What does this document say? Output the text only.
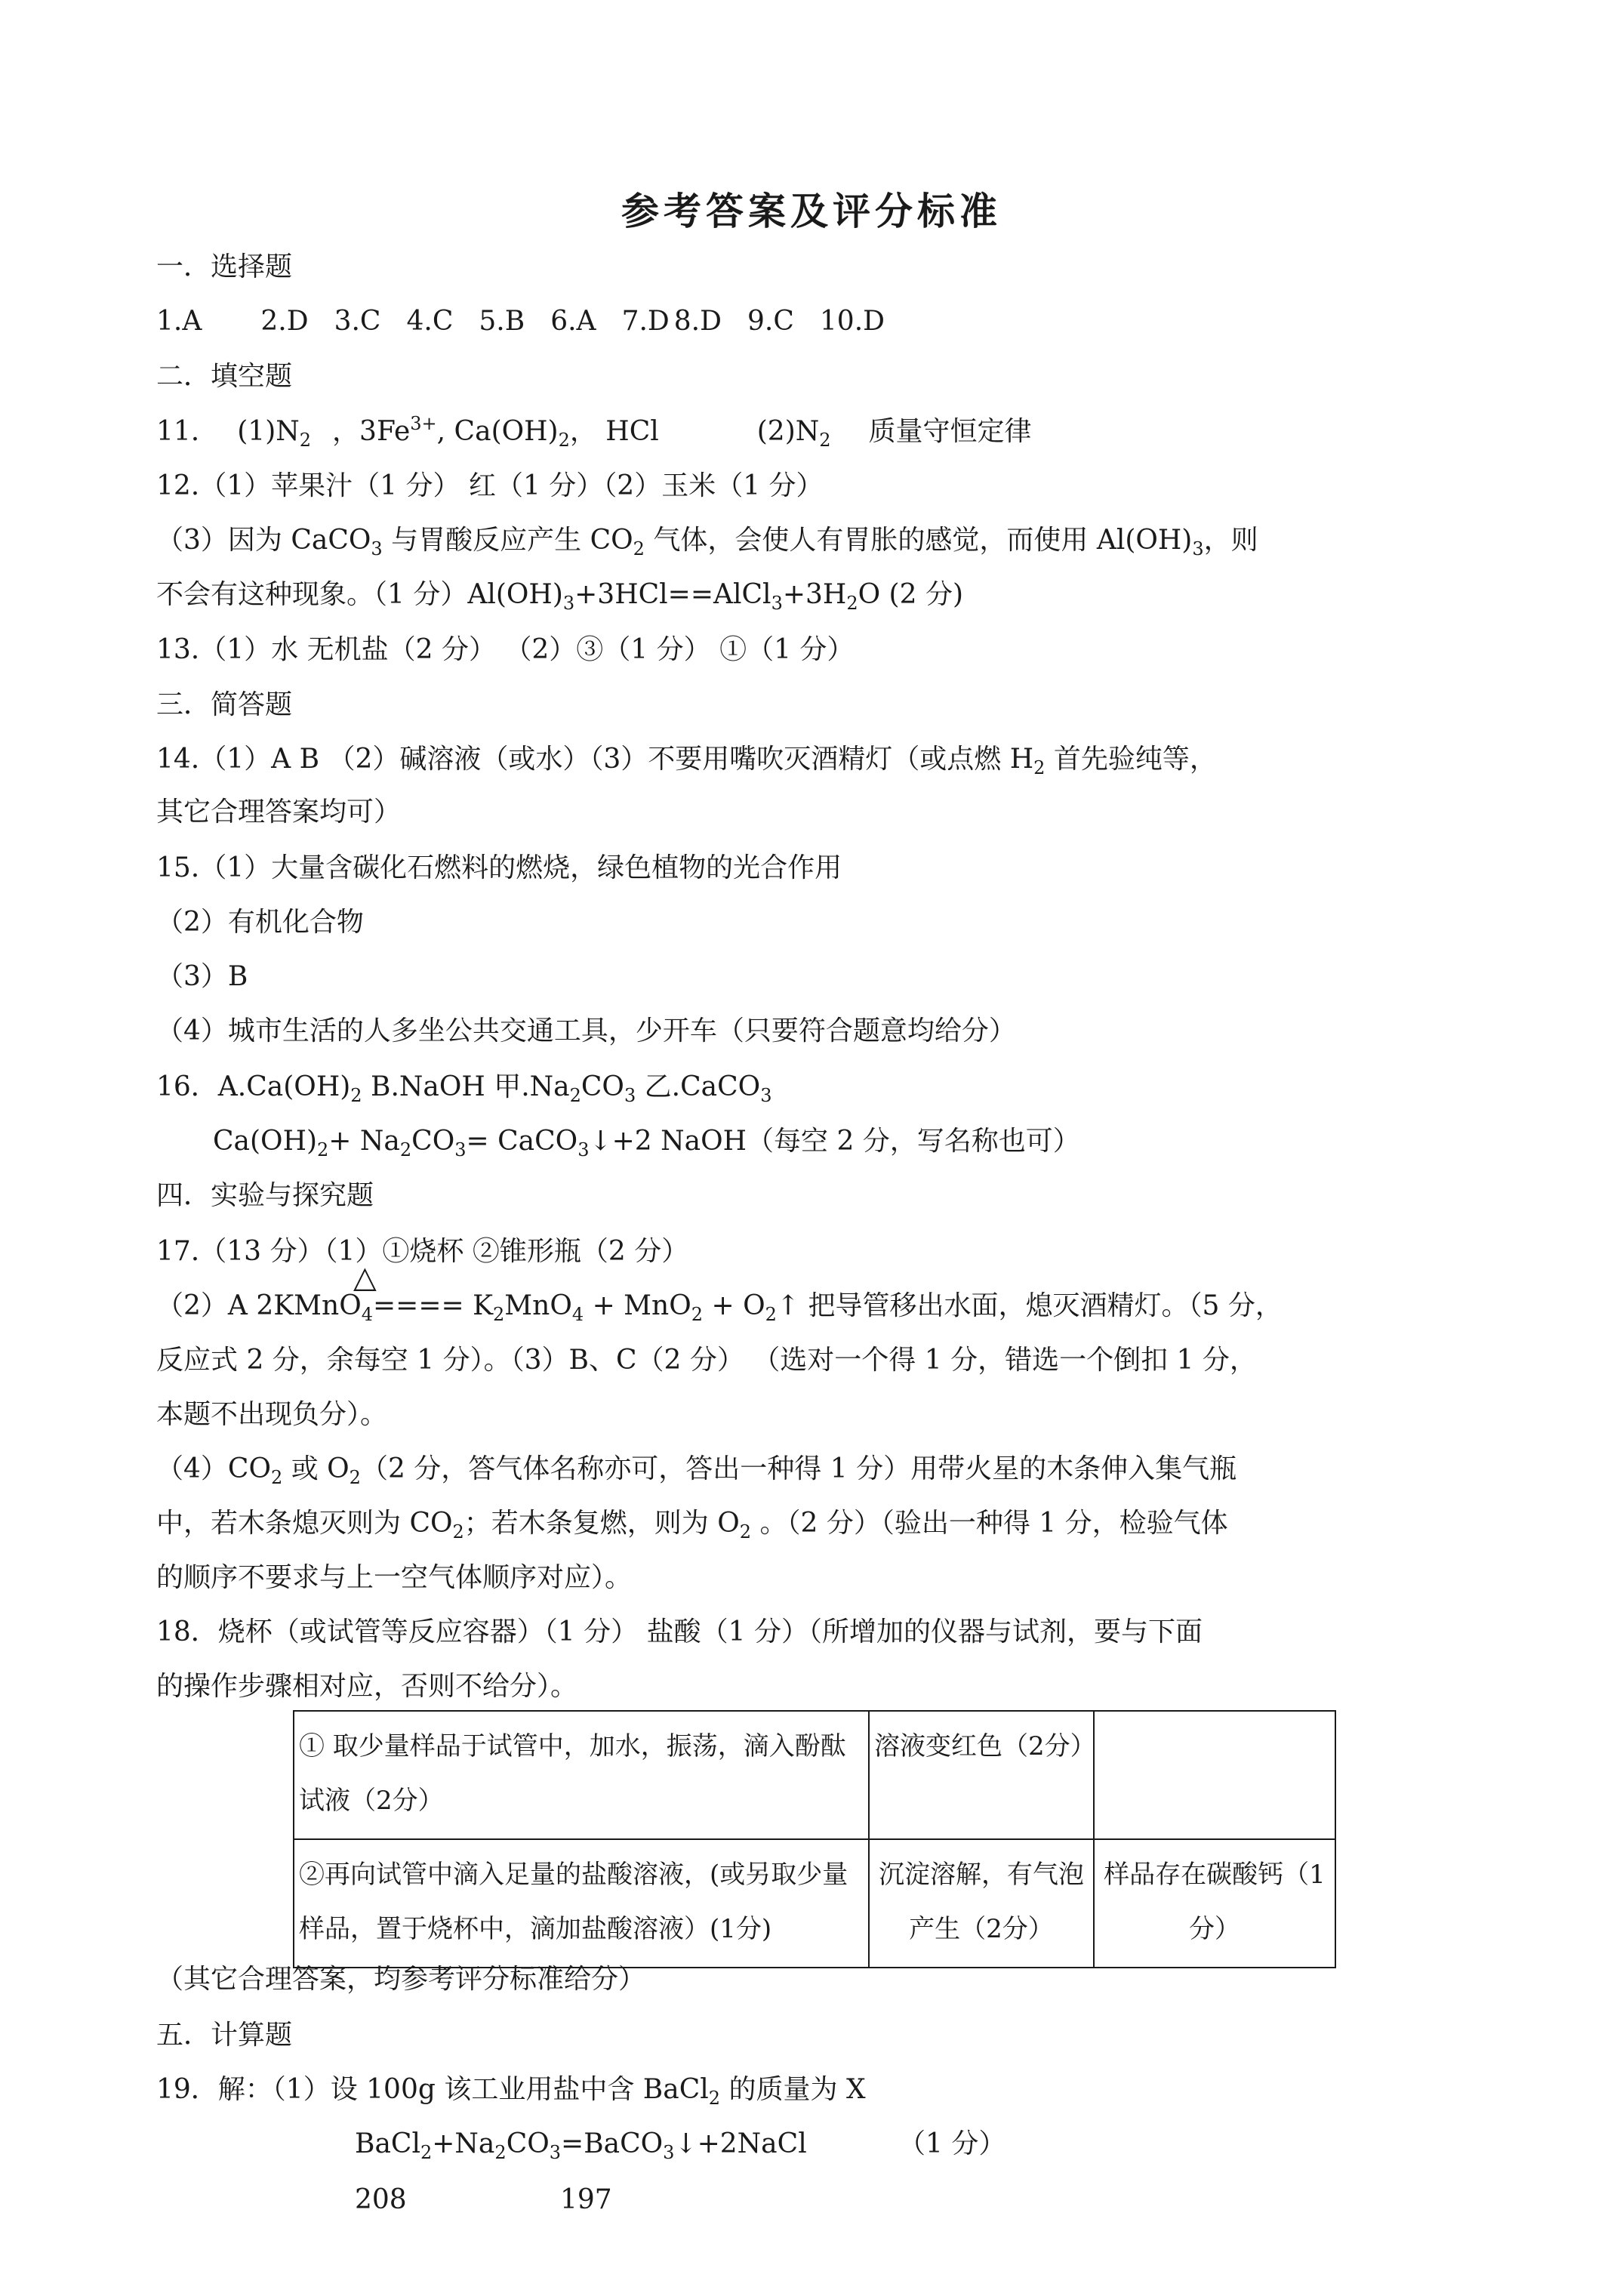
参考答案及评分标准
一．选择题
1.A 2.D 3.C 4.C 5.B 6.A 7.D 8.D 9.C 10.D
二．填空题
11. $(1)N_2$ ，$3Fe^{3+}$, $Ca(OH)_2$， HCl	$(2)N_2$ 质量守恒定律
12.（1）苹果汁（1 分） 红（1 分）（2）玉米（1 分）
（3）因为 CaCO$_3$ 与胃酸反应产生 $CO_2$ 气体，会使人有胃胀的感觉，而使用 $Al(OH)_3$，则
不会有这种现象。（1 分）$Al(OH)_3+3HCl==AlCl_3+3H_2O$ (2 分)
13.（1）水 无机盐（2 分） （2）③（1 分） ①（1 分）
三．简答题
14.（1）A B （2）碱溶液（或水）（3）不要用嘴吹灭酒精灯（或点燃 $H_2$ 首先验纯等，
其它合理答案均可）
15.（1）大量含碳化石燃料的燃烧，绿色植物的光合作用
（2）有机化合物
（3）B
（4）城市生活的人多坐公共交通工具，少开车（只要符合题意均给分）
16．$A.Ca(OH)_2$ B.NaOH 甲$.Na_2CO_3$ 乙.CaCO$_3$
$Ca(OH)_2+ Na_2CO_3=$ CaCO$_3$↓+2 NaOH（每空 2 分，写名称也可）
四．实验与探究题
17.（13 分）（1）①烧杯 ②锥形瓶（2 分）
△
（2）A 2KMnO$_4$==== $K_2MnO_4 + MnO_2$ + $O_2↑$ 把导管移出水面，熄灭酒精灯。（5 分，
反应式 2 分，余每空 1 分）。（3）B、C（2 分） （选对一个得 1 分，错选一个倒扣 1 分，
本题不出现负分）。
$(4)CO_2$ 或 $O_2(2$ 分，答气体名称亦可，答出一种得 1 分）用带火星的木条伸入集气瓶
中，若木条熄灭则为 $CO_2$；若木条复燃，则为 $O_2$ 。（2 分）（验出一种得 1 分，检验气体
的顺序不要求与上一空气体顺序对应）。
18．烧杯（或试管等反应容器）（1 分） 盐酸（1 分）（所增加的仪器与试剂，要与下面
的操作步骤相对应，否则不给分）。
① 取少量样品于试管中，加水，振荡，滴入酚酞试液（2分）	溶液变红色（2分）	
②再向试管中滴入足量的盐酸溶液，(或另取少量样品，置于烧杯中，滴加盐酸溶液）(1分)	沉淀溶解，有气泡产生（2分）	样品存在碳酸钙（1分）
（其它合理答案，均参考评分标准给分）
五．计算题
19．解：（1）设 100g 该工业用盐中含 BaCl$_2$ 的质量为 X
$BaCl_2+Na_2CO_3=BaCO_3↓+2NaCl$	（1 分）
208	197
